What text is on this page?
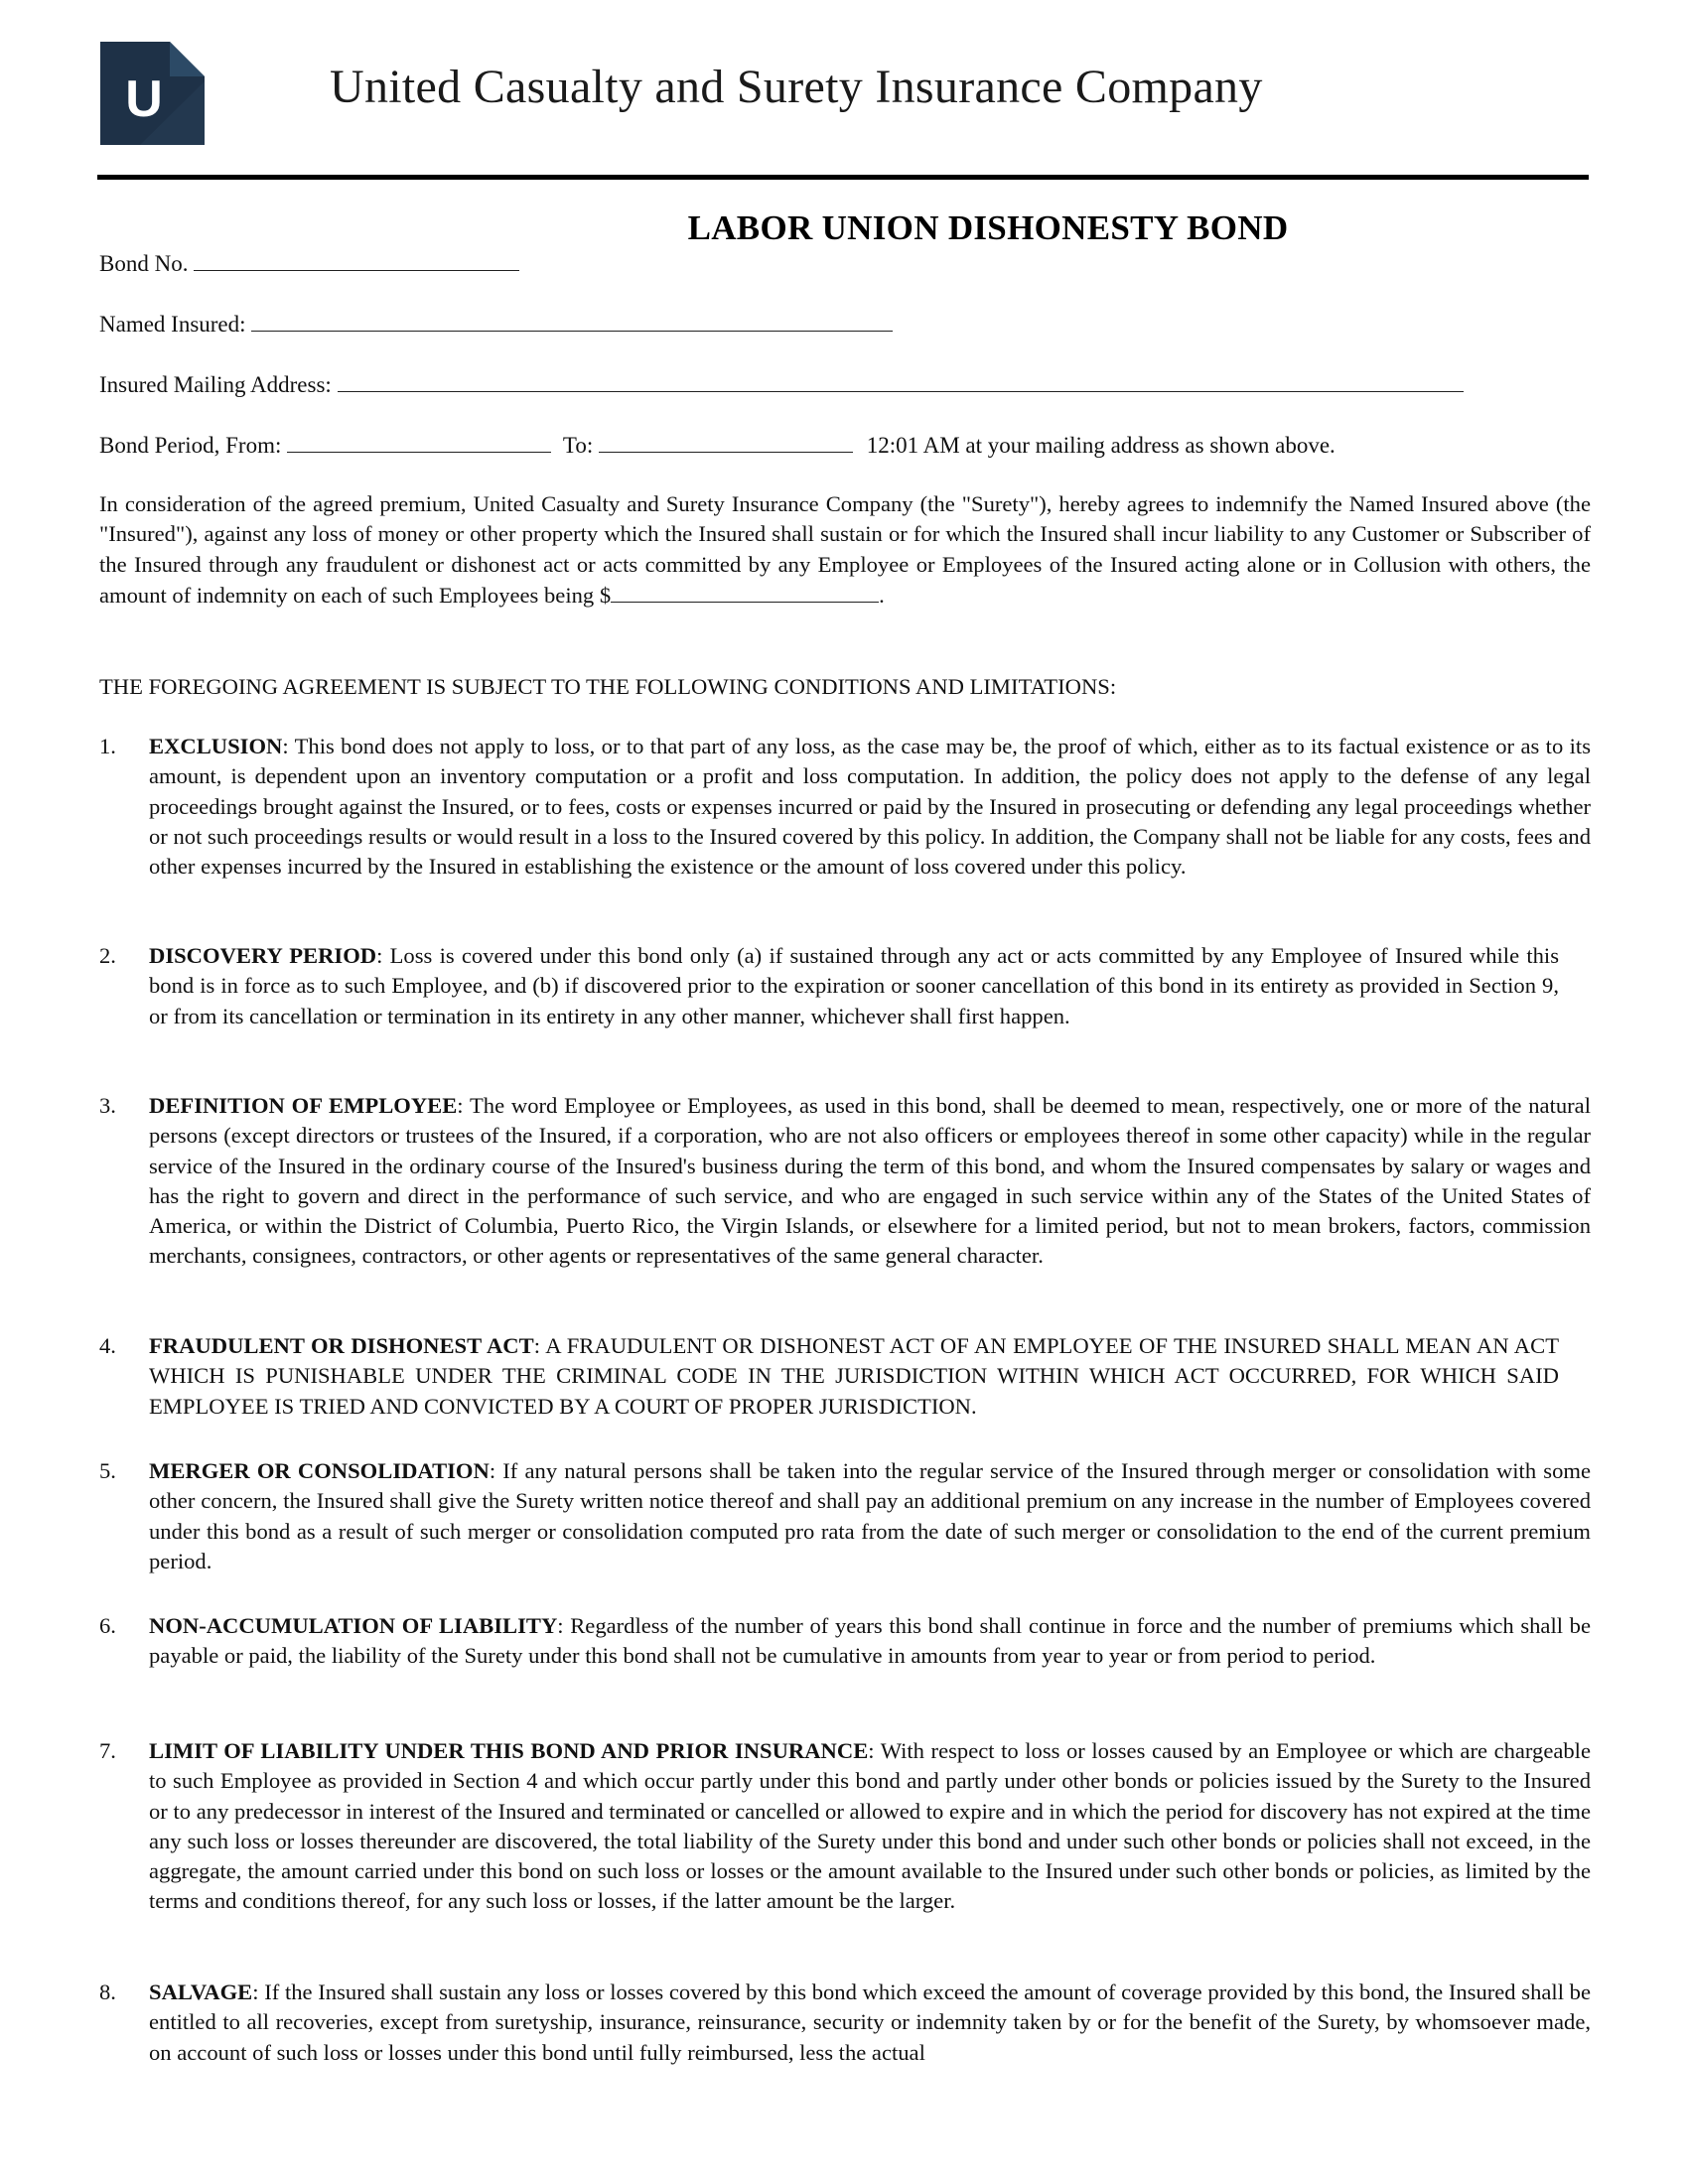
U	United Casualty and Surety Insurance Company
LABOR UNION DISHONESTY BOND
Bond No.
Named Insured:
Insured Mailing Address:
Bond Period, From:	To:	12:01 AM at your mailing address as shown above.

In consideration of the agreed premium, United Casualty and Surety Insurance Company (the "Surety"), hereby agrees to indemnify the Named Insured above (the "Insured"), against any loss of money or other property which the Insured shall sustain or for which the Insured shall incur liability to any Customer or Subscriber of the Insured through any fraudulent or dishonest act or acts committed by any Employee or Employees of the Insured acting alone or in Collusion with others, the amount of indemnity on each of such Employees being $	.

THE FOREGOING AGREEMENT IS SUBJECT TO THE FOLLOWING CONDITIONS AND LIMITATIONS:
1. EXCLUSION: This bond does not apply to loss, or to that part of any loss, as the case may be, the proof of which, either as to its factual existence or as to its amount, is dependent upon an inventory computation or a profit and loss computation. In addition, the policy does not apply to the defense of any legal proceedings brought against the Insured, or to fees, costs or expenses incurred or paid by the Insured in prosecuting or defending any legal proceedings whether or not such proceedings results or would result in a loss to the Insured covered by this policy. In addition, the Company shall not be liable for any costs, fees and other expenses incurred by the Insured in establishing the existence or the amount of loss covered under this policy.
2. DISCOVERY PERIOD: Loss is covered under this bond only (a) if sustained through any act or acts committed by any Employee of Insured while this bond is in force as to such Employee, and (b) if discovered prior to the expiration or sooner cancellation of this bond in its entirety as provided in Section 9, or from its cancellation or termination in its entirety in any other manner, whichever shall first happen.
3. DEFINITION OF EMPLOYEE: The word Employee or Employees, as used in this bond, shall be deemed to mean, respectively, one or more of the natural persons (except directors or trustees of the Insured, if a corporation, who are not also officers or employees thereof in some other capacity) while in the regular service of the Insured in the ordinary course of the Insured's business during the term of this bond, and whom the Insured compensates by salary or wages and has the right to govern and direct in the performance of such service, and who are engaged in such service within any of the States of the United States of America, or within the District of Columbia, Puerto Rico, the Virgin Islands, or elsewhere for a limited period, but not to mean brokers, factors, commission merchants, consignees, contractors, or other agents or representatives of the same general character.
4. FRAUDULENT OR DISHONEST ACT: A FRAUDULENT OR DISHONEST ACT OF AN EMPLOYEE OF THE INSURED SHALL MEAN AN ACT WHICH IS PUNISHABLE UNDER THE CRIMINAL CODE IN THE JURISDICTION WITHIN WHICH ACT OCCURRED, FOR WHICH SAID EMPLOYEE IS TRIED AND CONVICTED BY A COURT OF PROPER JURISDICTION.
5. MERGER OR CONSOLIDATION: If any natural persons shall be taken into the regular service of the Insured through merger or consolidation with some other concern, the Insured shall give the Surety written notice thereof and shall pay an additional premium on any increase in the number of Employees covered under this bond as a result of such merger or consolidation computed pro rata from the date of such merger or consolidation to the end of the current premium period.
6. NON-ACCUMULATION OF LIABILITY: Regardless of the number of years this bond shall continue in force and the number of premiums which shall be payable or paid, the liability of the Surety under this bond shall not be cumulative in amounts from year to year or from period to period.
7. LIMIT OF LIABILITY UNDER THIS BOND AND PRIOR INSURANCE: With respect to loss or losses caused by an Employee or which are chargeable to such Employee as provided in Section 4 and which occur partly under this bond and partly under other bonds or policies issued by the Surety to the Insured or to any predecessor in interest of the Insured and terminated or cancelled or allowed to expire and in which the period for discovery has not expired at the time any such loss or losses thereunder are discovered, the total liability of the Surety under this bond and under such other bonds or policies shall not exceed, in the aggregate, the amount carried under this bond on such loss or losses or the amount available to the Insured under such other bonds or policies, as limited by the terms and conditions thereof, for any such loss or losses, if the latter amount be the larger.
8. SALVAGE: If the Insured shall sustain any loss or losses covered by this bond which exceed the amount of coverage provided by this bond, the Insured shall be entitled to all recoveries, except from suretyship, insurance, reinsurance, security or indemnity taken by or for the benefit of the Surety, by whomsoever made, on account of such loss or losses under this bond until fully reimbursed, less the actual
